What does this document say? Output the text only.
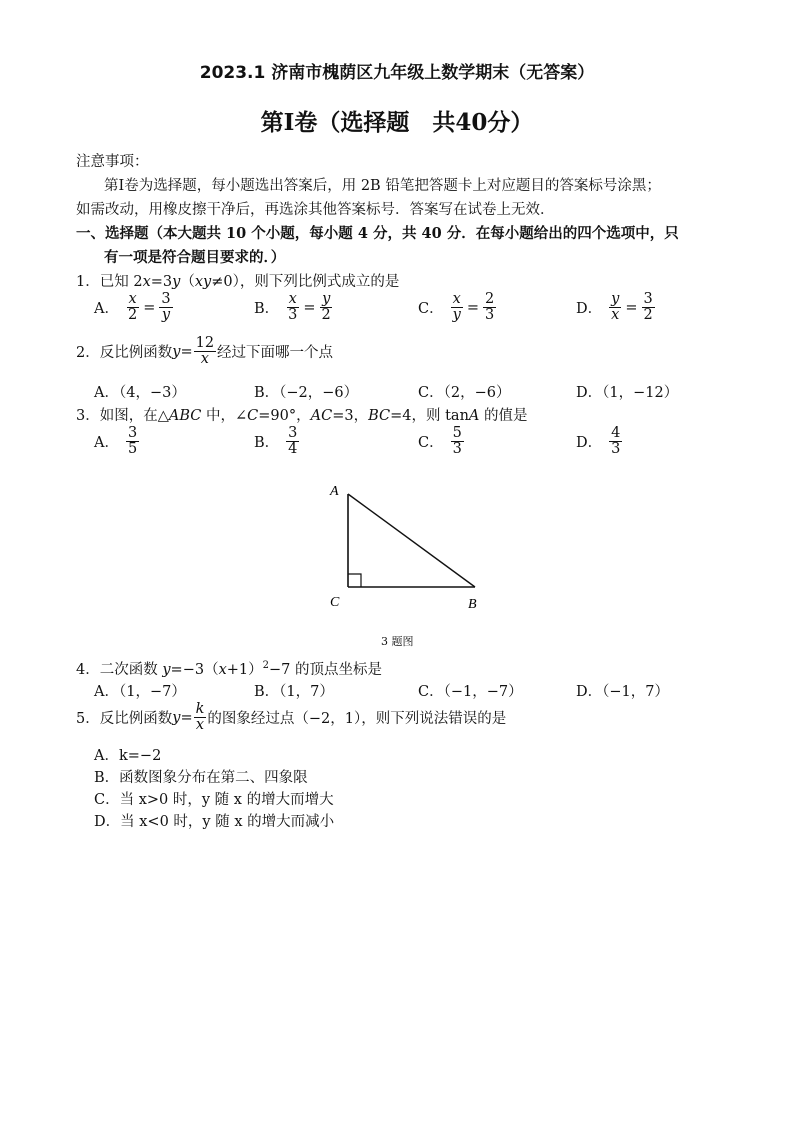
2023.1 济南市槐荫区九年级上数学期末（无答案）
第Ⅰ卷（选择题　共40分）
注意事项：
第Ⅰ卷为选择题，每小题选出答案后，用 2B 铅笔把答题卡上对应题目的答案标号涂黑；
如需改动，用橡皮擦干净后，再选涂其他答案标号．答案写在试卷上无效．
一、选择题（本大题共 10 个小题，每小题 4 分，共 40 分．在每小题给出的四个选项中，只
有一项是符合题目要求的．）
1．已知 2x=3y（xy≠0），则下列比例式成立的是
A． $\frac{x}{2} = \frac{3}{y}$	B． $\frac{x}{3} = \frac{y}{2}$	C． $\frac{x}{y} = \frac{2}{3}$	D． $\frac{y}{x} = \frac{3}{2}$
2．反比例函数 $y = \frac{12}{x}$ 经过下面哪一个点
A．（4，−3）	B．（−2，−6）	C．（2，−6）	D．（1，−12）
3．如图，在△ABC 中，∠C=90°，AC=3，BC=4，则 tanA 的值是
A． $\frac{3}{5}$	B． $\frac{3}{4}$	C． $\frac{5}{3}$	D． $\frac{4}{3}$
A
C	B
3 题图
4．二次函数 $y=-3(x+1)^2-7$ 的顶点坐标是
A．（1，−7）	B．（1，7）	C．（−1，−7）	D．（−1，7）
5．反比例函数 $y = \frac{k}{x}$ 的图象经过点（−2，1），则下列说法错误的是
A．k=−2
B．函数图象分布在第二、四象限
C．当 x>0 时，y 随 x 的增大而增大
D．当 x<0 时，y 随 x 的增大而减小
